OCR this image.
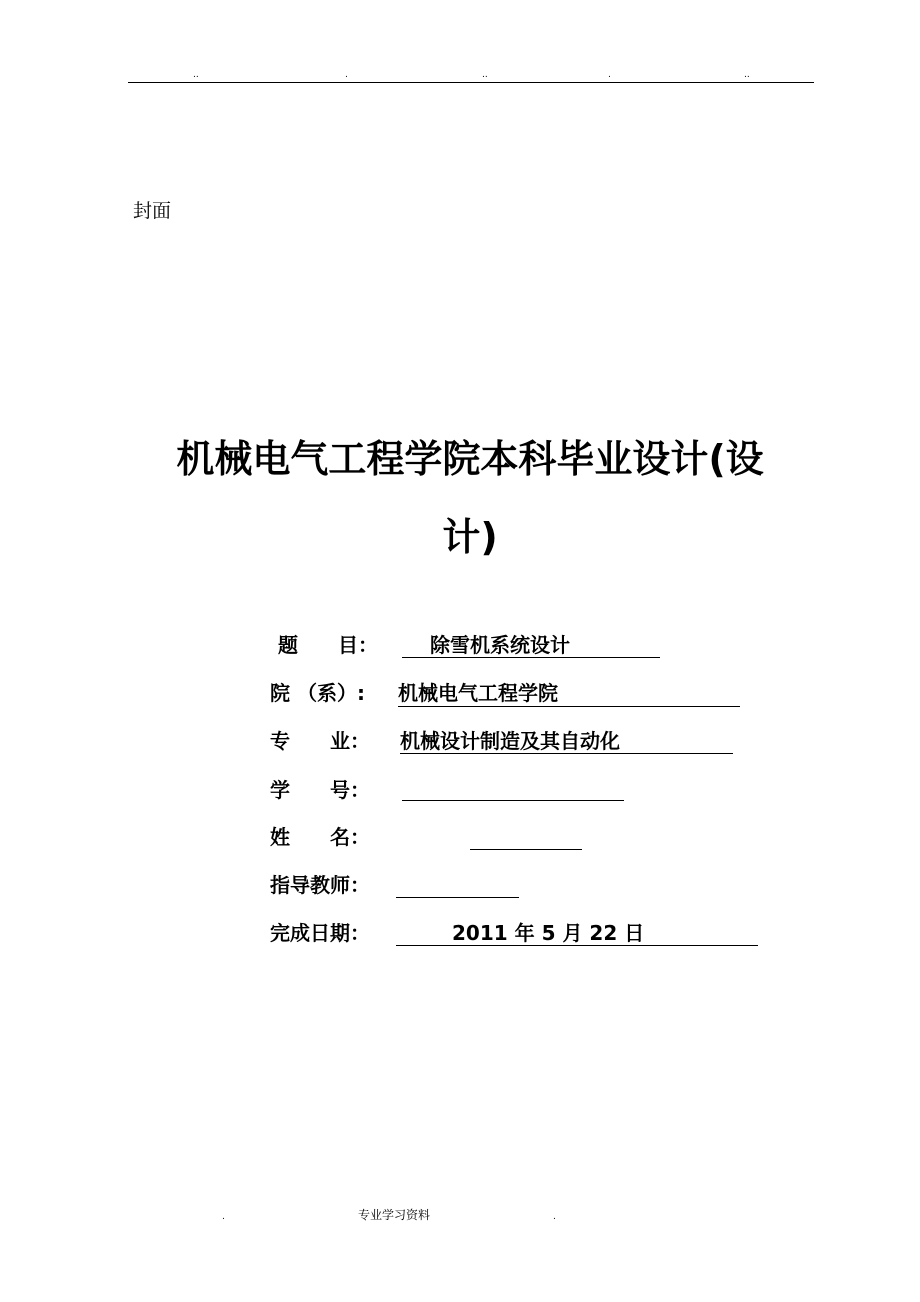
..	.	..	.	..
封面
机械电气工程学院本科毕业设计(设
计)
题　　目：	除雪机系统设计
院 （系）: 机械电气工程学院
专　　业： 机械设计制造及其自动化
学　　号：
姓　　名：
指导教师：
完成日期：	2011 年 5 月 22 日
.	专业学习资料	.
